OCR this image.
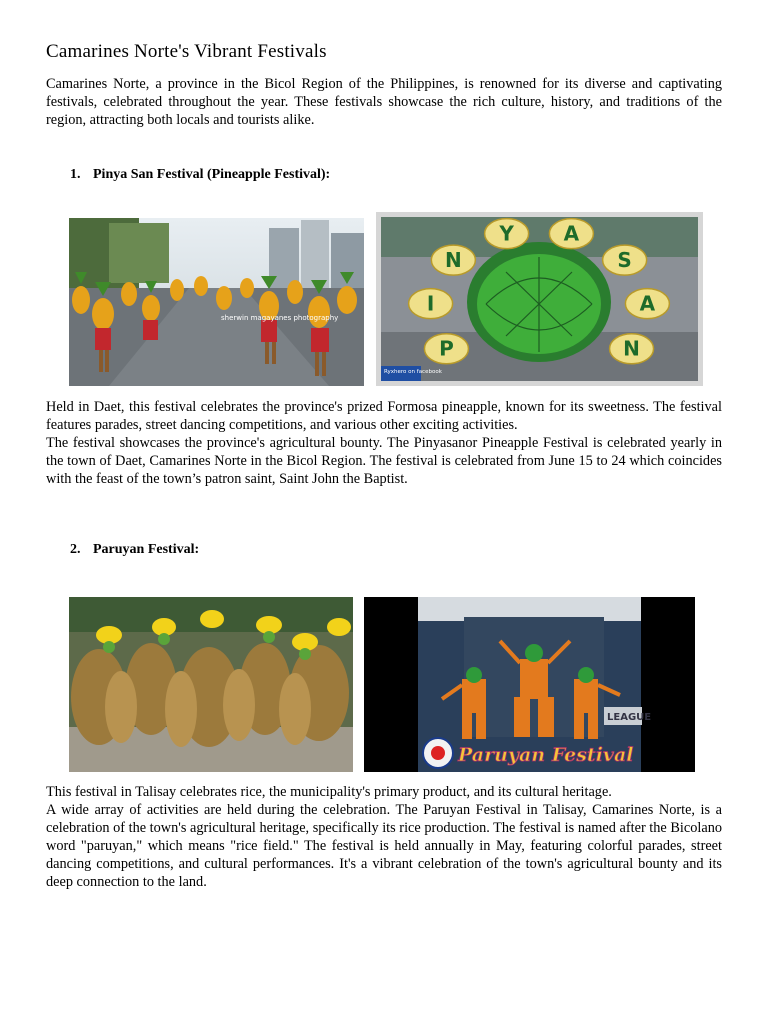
Camarines Norte's Vibrant Festivals

Camarines Norte, a province in the Bicol Region of the Philippines, is renowned for its diverse and captivating festivals, celebrated throughout the year. These festivals showcase the rich culture, history, and traditions of the region, attracting both locals and tourists alike.

1. Pinya San Festival (Pineapple Festival):
sherwin magayanes photography
P
I
N
Y A
S
A
N
Ryxhero on facebook

Held in Daet, this festival celebrates the province's prized Formosa pineapple, known for its sweetness. The festival features parades, street dancing competitions, and various other exciting activities.

The festival showcases the province's agricultural bounty. The Pinyasanor Pineapple Festival is celebrated yearly in the town of Daet, Camarines Norte in the Bicol Region. The festival is celebrated from June 15 to 24 which coincides with the feast of the town’s patron saint, Saint John the Baptist.

2. Paruyan Festival:
LEAGUE
Paruyan Festival

This festival in Talisay celebrates rice, the municipality's primary product, and its cultural heritage.

A wide array of activities are held during the celebration. The Paruyan Festival in Talisay, Camarines Norte, is a celebration of the town's agricultural heritage, specifically its rice production. The festival is named after the Bicolano word "paruyan," which means "rice field." The festival is held annually in May, featuring colorful parades, street dancing competitions, and cultural performances. It's a vibrant celebration of the town's agricultural bounty and its deep connection to the land.
